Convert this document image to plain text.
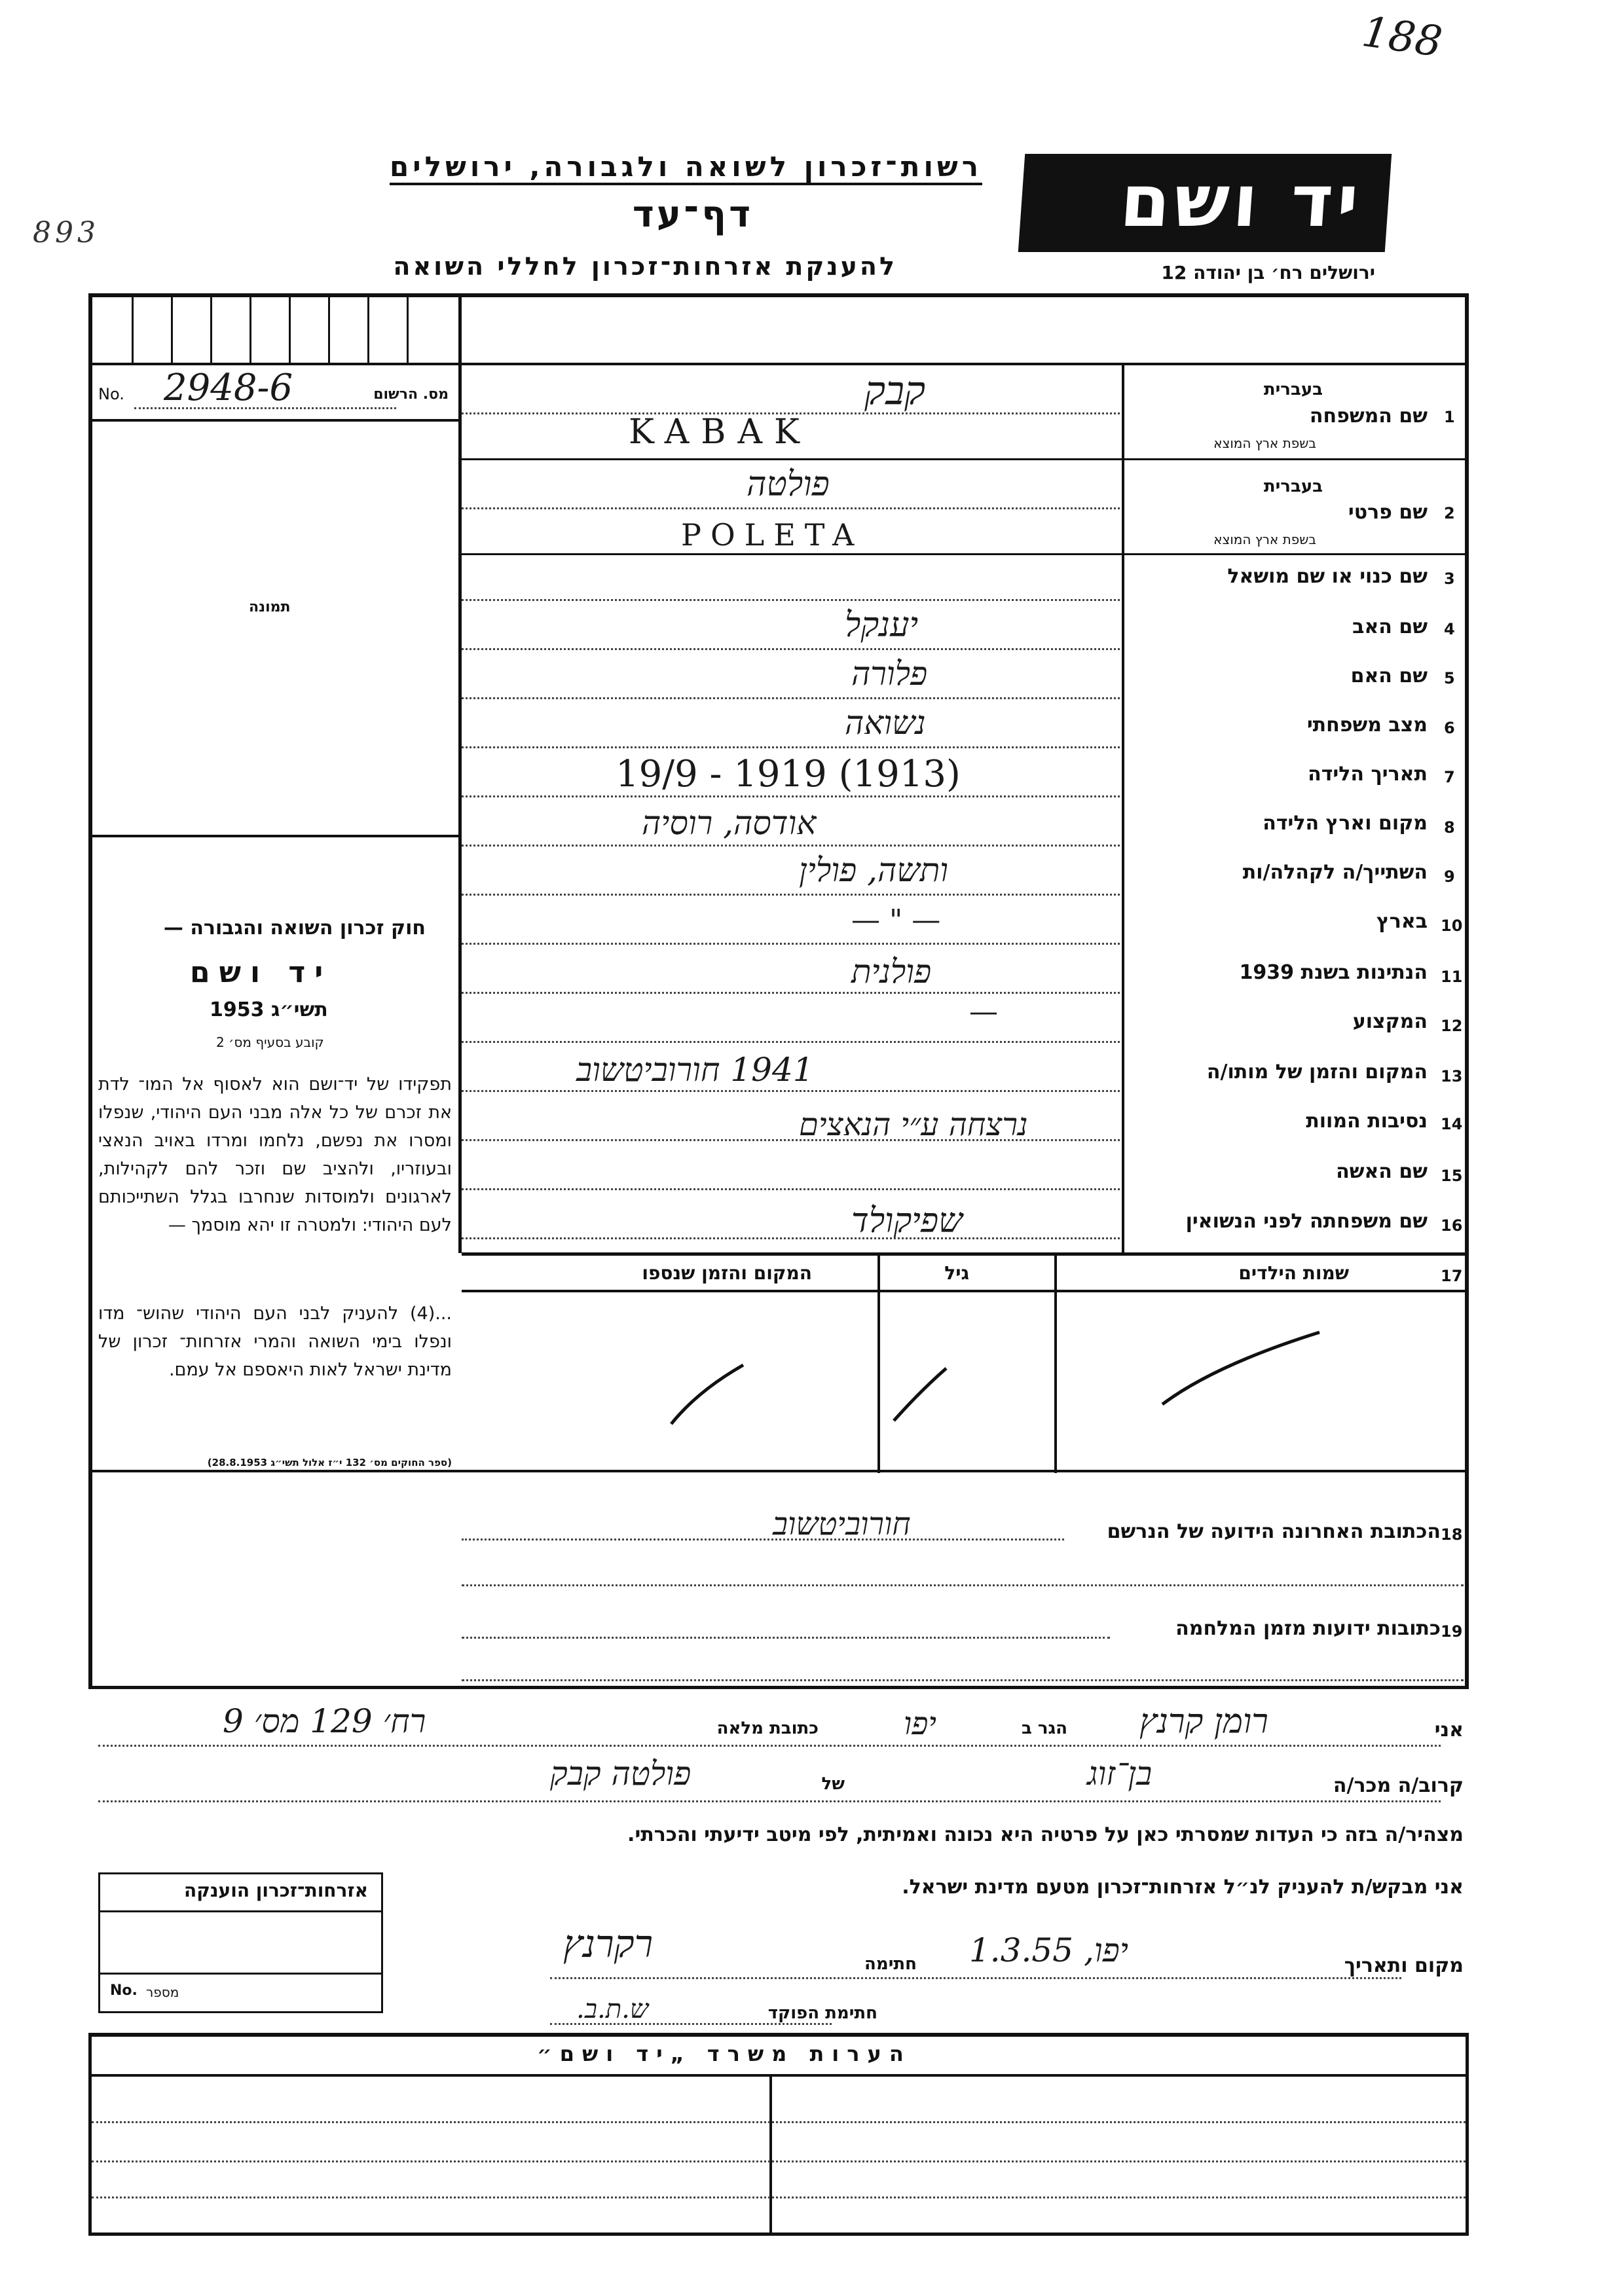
188
893
רשות־זכרון לשואה ולגבורה, ירושלים
דף־עד
להענקת אזרחות־זכרון לחללי השואה
יד ושם
ירושלים רח׳ בן יהודה 12
No. 2948-6	מס. הרשום
תמונה
חוק זכרון השואה והגבורה —
יד ושם
תשי״ג 1953
קובע בסעיף מס׳ 2
תפקידו של יד־ושם הוא לאסוף אל המו־ לדת את זכרם של כל אלה מבני העם היהודי, שנפלו ומסרו את נפשם, נלחמו ומרדו באויב הנאצי ובעוזריו, ולהציב שם וזכר להם לקהילות, לארגונים ולמוסדות שנחרבו בגלל השתייכותם לעם היהודי: ולמטרה זו יהא מוסמך —
...(4) להעניק לבני העם היהודי שהוש־ מדו ונפלו בימי השואה והמרי אזרחות־ זכרון של מדינת ישראל לאות היאספם אל עמם.
(ספר החוקים מס׳ 132 י״ז אלול תשי״ג 28.8.1953)
1
שם המשפחה
בעברית
בשפת ארץ המוצא
קבק
KABAK
2
שם פרטי
בעברית
בשפת ארץ המוצא
פולטה
POLETA
3
שם כנוי או שם מושאל
4
שם האב
יענקל
5
שם האם
פלורה
6
מצב משפחתי
נשואה
7
תאריך הלידה
19/9 - 1919 (1913)
8
מקום וארץ הלידה
אודסה, רוסיה
9
השתייך/ה לקהלה/ות
ותשה, פולין
10
בארץ
— " —
11
הנתינות בשנת 1939
פולנית
12
המקצוע
—
13
המקום והזמן של מותו/ה
1941 חורוביטשוב
14
נסיבות המוות
נרצחה ע״י הנאצים
15
שם האשה
16
שם משפחתה לפני הנשואין
שפיקולד
17
שמות הילדים
גיל
המקום והזמן שנספו
18
הכתובת האחרונה הידועה של הנרשם
חורוביטשוב
19
כתובות ידועות מזמן המלחמה
אני
רומן קרנץ
הגר ב
יפו
כתובת מלאה
רח׳ 129 מס׳ 9
קרוב/ה מכר/ה
בן־זוג
של
פולטה קבק
מצהיר/ה בזה כי העדות שמסרתי כאן על פרטיה היא נכונה ואמיתית, לפי מיטב ידיעתי והכרתי.
אני מבקש/ת להעניק לנ״ל אזרחות־זכרון מטעם מדינת ישראל.
אזרחות־זכרון הוענקה
No. מספר
מקום ותאריך
יפו, 1.3.55
חתימה
רקרנץ
חתימת הפוקד
ש.ת.ב.
הערות משרד „יד ושם״
